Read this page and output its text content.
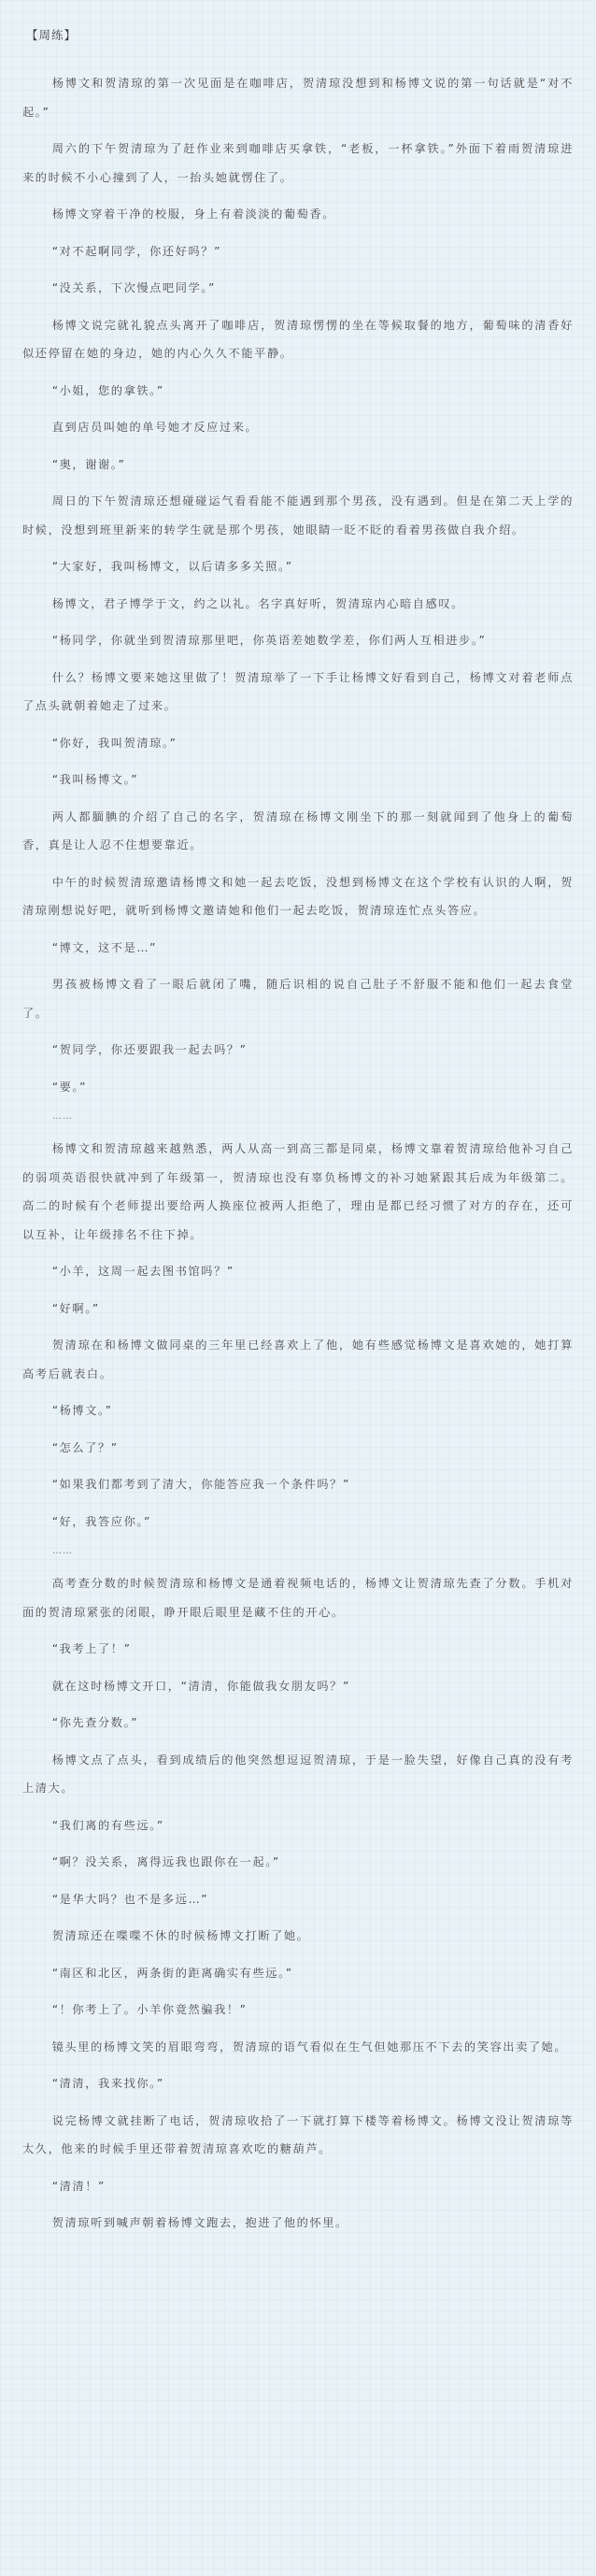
【周练】

杨博文和贺清琼的第一次见面是在咖啡店，贺清琼没想到和杨博文说的第一句话就是“对不起。”

周六的下午贺清琼为了赶作业来到咖啡店买拿铁，“老板，一杯拿铁。”外面下着雨贺清琼进来的时候不小心撞到了人，一抬头她就愣住了。

杨博文穿着干净的校服，身上有着淡淡的葡萄香。

“对不起啊同学，你还好吗？”

“没关系，下次慢点吧同学。”

杨博文说完就礼貌点头离开了咖啡店，贺清琼愣愣的坐在等候取餐的地方，葡萄味的清香好似还停留在她的身边，她的内心久久不能平静。

“小姐，您的拿铁。”

直到店员叫她的单号她才反应过来。

“奥，谢谢。”

周日的下午贺清琼还想碰碰运气看看能不能遇到那个男孩，没有遇到。但是在第二天上学的时候，没想到班里新来的转学生就是那个男孩，她眼睛一眨不眨的看着男孩做自我介绍。

“大家好，我叫杨博文，以后请多多关照。”

杨博文，君子博学于文，约之以礼。名字真好听，贺清琼内心暗自感叹。

“杨同学，你就坐到贺清琼那里吧，你英语差她数学差，你们两人互相进步。”

什么？杨博文要来她这里做了！贺清琼举了一下手让杨博文好看到自己，杨博文对着老师点了点头就朝着她走了过来。

“你好，我叫贺清琼。”

“我叫杨博文。”

两人都腼腆的介绍了自己的名字，贺清琼在杨博文刚坐下的那一刻就闻到了他身上的葡萄香，真是让人忍不住想要靠近。

中午的时候贺清琼邀请杨博文和她一起去吃饭，没想到杨博文在这个学校有认识的人啊，贺清琼刚想说好吧，就听到杨博文邀请她和他们一起去吃饭，贺清琼连忙点头答应。

“博文，这不是…”

男孩被杨博文看了一眼后就闭了嘴，随后识相的说自己肚子不舒服不能和他们一起去食堂了。

“贺同学，你还要跟我一起去吗？”

“要。”

……

杨博文和贺清琼越来越熟悉，两人从高一到高三都是同桌，杨博文靠着贺清琼给他补习自己的弱项英语很快就冲到了年级第一，贺清琼也没有辜负杨博文的补习她紧跟其后成为年级第二。高二的时候有个老师提出要给两人换座位被两人拒绝了，理由是都已经习惯了对方的存在，还可以互补，让年级排名不往下掉。

“小羊，这周一起去图书馆吗？”

“好啊。”

贺清琼在和杨博文做同桌的三年里已经喜欢上了他，她有些感觉杨博文是喜欢她的，她打算高考后就表白。

“杨博文。”

“怎么了？”

“如果我们都考到了清大，你能答应我一个条件吗？”

“好，我答应你。”

……

高考查分数的时候贺清琼和杨博文是通着视频电话的，杨博文让贺清琼先查了分数。手机对面的贺清琼紧张的闭眼，睁开眼后眼里是藏不住的开心。

“我考上了！”

就在这时杨博文开口，“清清，你能做我女朋友吗？”

“你先查分数。”

杨博文点了点头，看到成绩后的他突然想逗逗贺清琼，于是一脸失望，好像自己真的没有考上清大。

“我们离的有些远。”

“啊？没关系，离得远我也跟你在一起。”

“是华大吗？也不是多远…”

贺清琼还在喋喋不休的时候杨博文打断了她。

“南区和北区，两条街的距离确实有些远。”

“！你考上了。小羊你竟然骗我！”

镜头里的杨博文笑的眉眼弯弯，贺清琼的语气看似在生气但她那压不下去的笑容出卖了她。

“清清，我来找你。”

说完杨博文就挂断了电话，贺清琼收拾了一下就打算下楼等着杨博文。杨博文没让贺清琼等太久，他来的时候手里还带着贺清琼喜欢吃的糖葫芦。

“清清！”

贺清琼听到喊声朝着杨博文跑去，抱进了他的怀里。
